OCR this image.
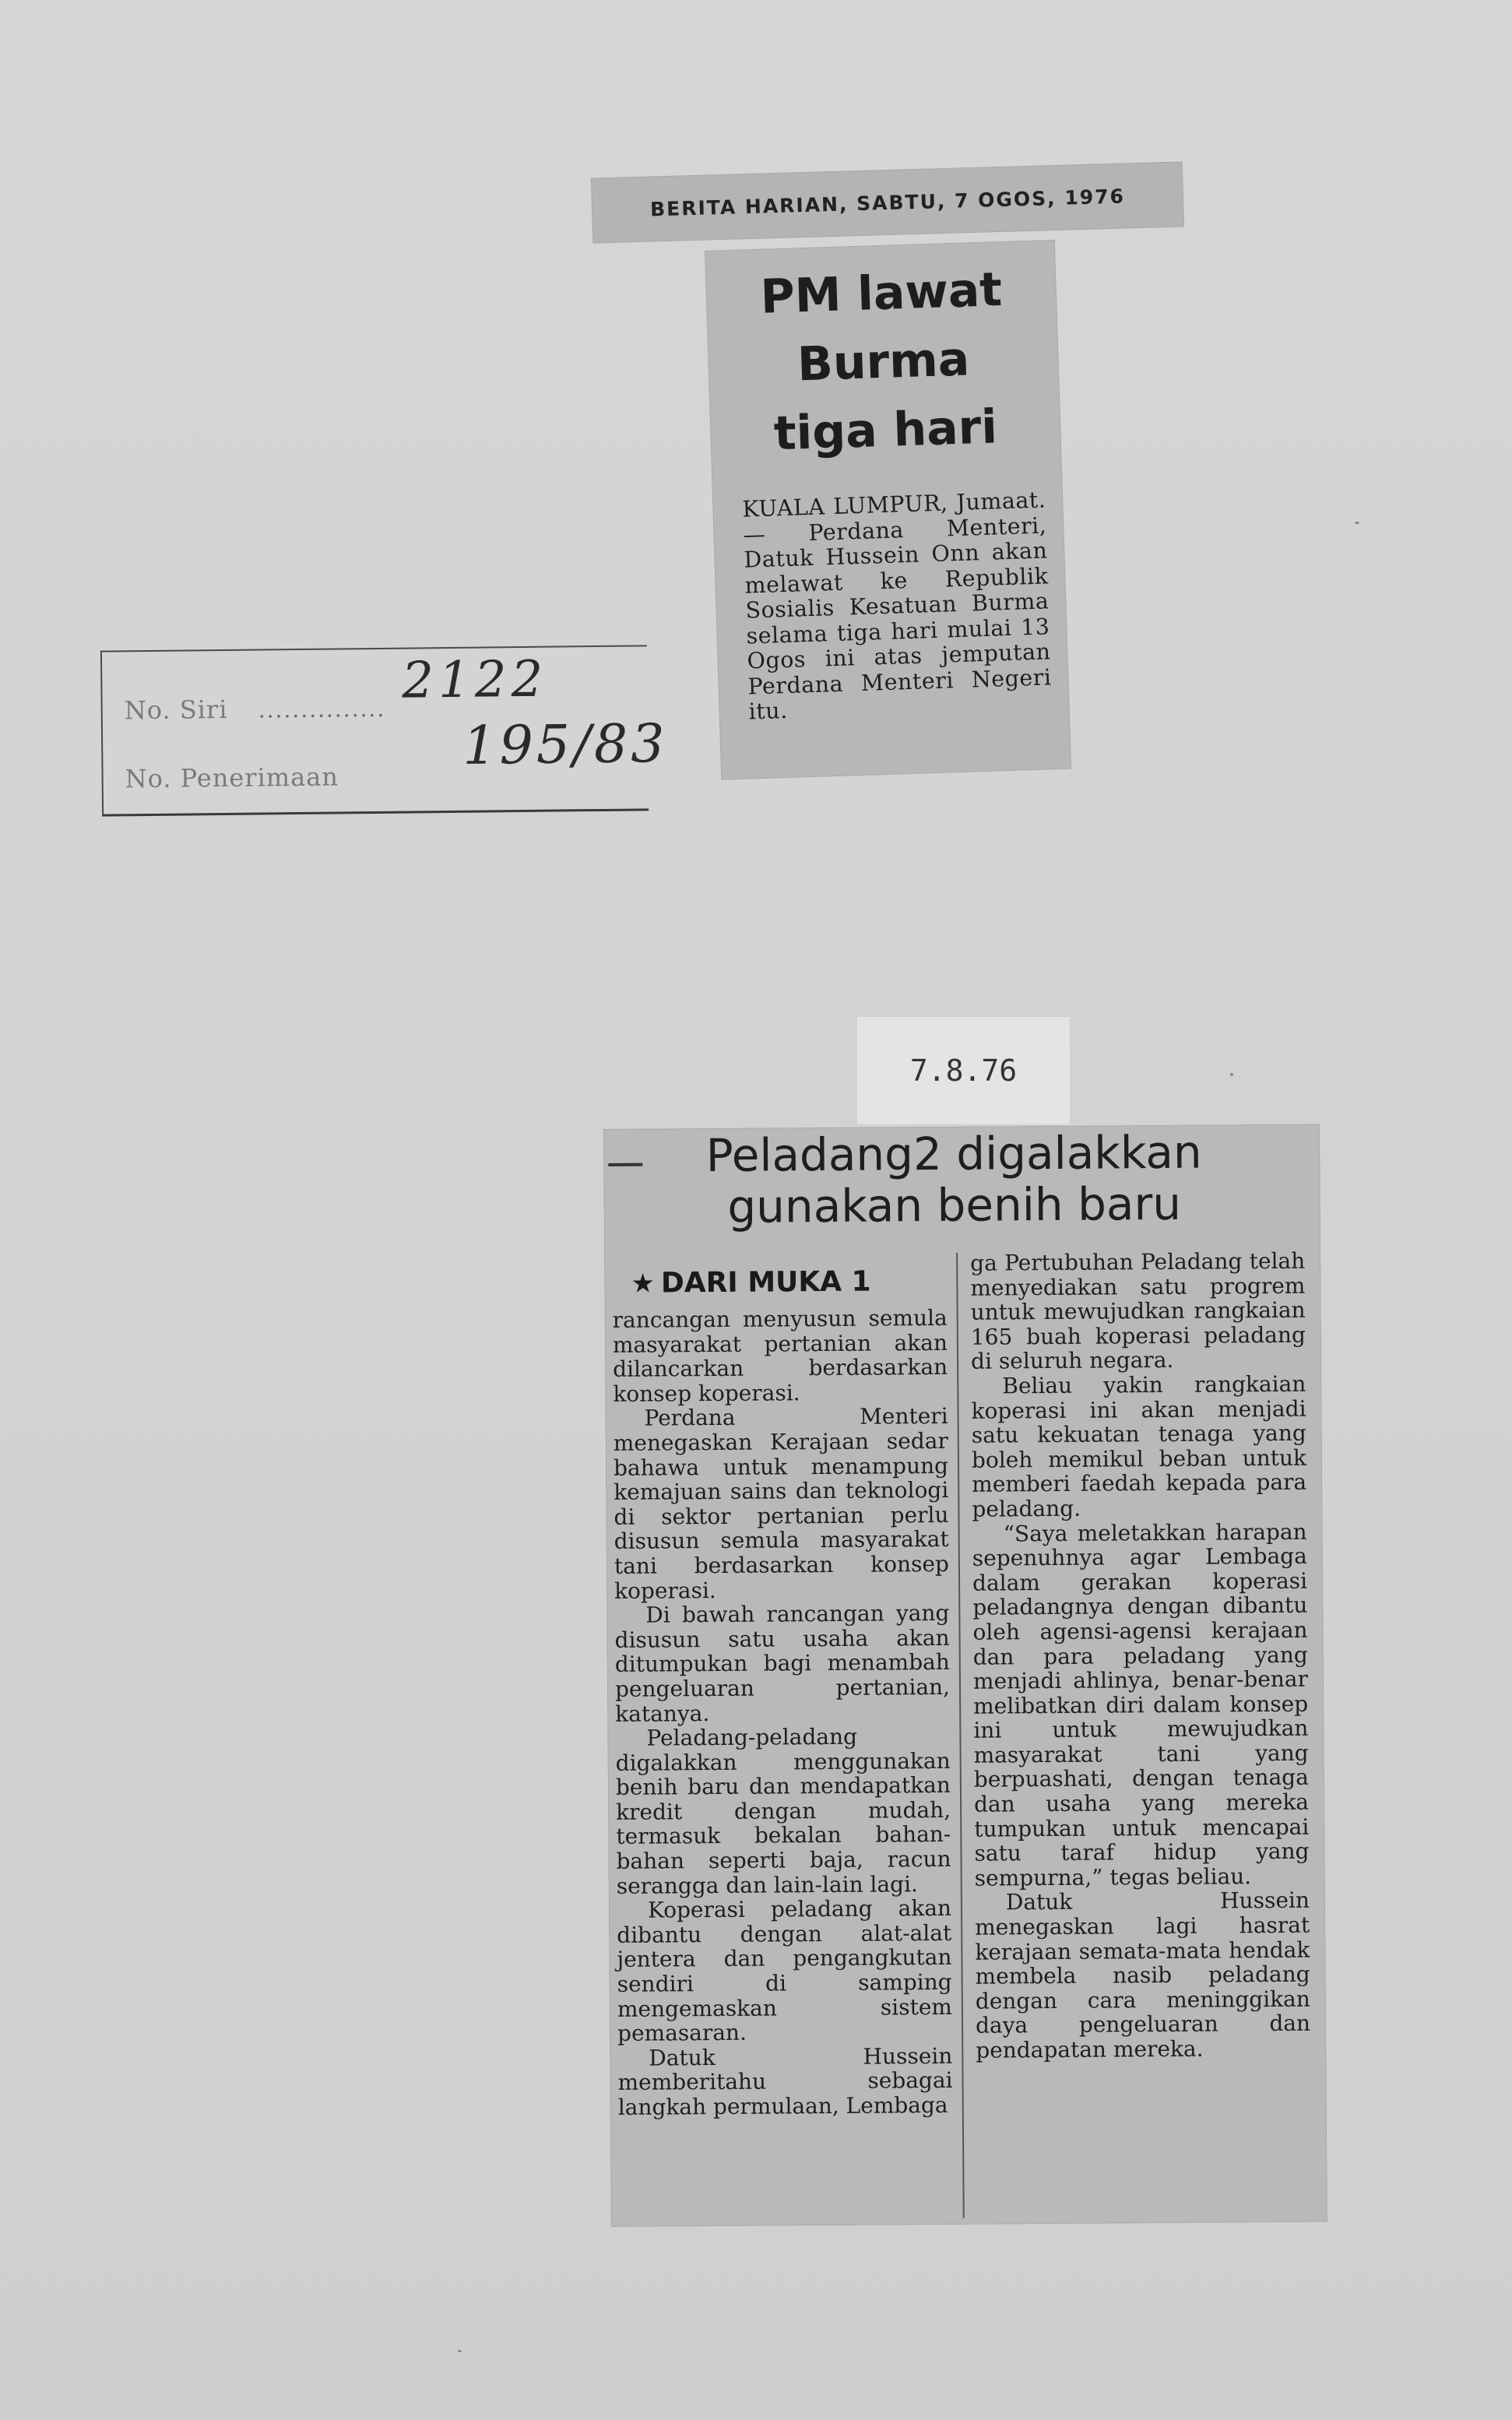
BERITA HARIAN, SABTU, 7 OGOS, 1976
PM lawat
Burma
tiga hari
KUALA LUMPUR, Jumaat. — Perdana Menteri, Datuk Hussein Onn akan melawat ke Republik Sosialis Kesatuan Burma selama tiga hari mulai 13 Ogos ini atas jemputan Perdana Menteri Negeri itu.
No. Siri ............... 2122
No. Penerimaan
195/83
7.8.76
Peladang2 digalakkan
gunakan benih baru
★ DARI MUKA 1

rancangan menyusun semula masyarakat pertanian akan dilancarkan berdasarkan konsep koperasi.

Perdana Menteri menegaskan Kerajaan sedar bahawa untuk menampung kemajuan sains dan teknologi di sektor pertanian perlu disusun semula masyarakat tani berdasarkan konsep koperasi.

Di bawah rancangan yang disusun satu usaha akan ditumpukan bagi menambah pengeluaran pertanian, katanya.

Peladang-peladang digalakkan menggunakan benih baru dan mendapatkan kredit dengan mudah, termasuk bekalan bahan-bahan seperti baja, racun serangga dan lain-lain lagi.

Koperasi peladang akan dibantu dengan alat-alat jentera dan pengangkutan sendiri di samping mengemaskan sistem pemasaran.

Datuk Hussein memberitahu sebagai langkah permulaan, Lembaga

ga Pertubuhan Peladang telah menyediakan satu progrem untuk mewujudkan rangkaian 165 buah koperasi peladang di seluruh negara.

Beliau yakin rangkaian koperasi ini akan menjadi satu kekuatan tenaga yang boleh memikul beban untuk memberi faedah kepada para peladang.

“Saya meletakkan harapan sepenuhnya agar Lembaga dalam gerakan koperasi peladangnya dengan dibantu oleh agensi-agensi kerajaan dan para peladang yang menjadi ahlinya, benar-benar melibatkan diri dalam konsep ini untuk mewujudkan masyarakat tani yang berpuashati, dengan tenaga dan usaha yang mereka tumpukan untuk mencapai satu taraf hidup yang sempurna,” tegas beliau.

Datuk Hussein menegaskan lagi hasrat kerajaan semata-mata hendak membela nasib peladang dengan cara meninggikan daya pengeluaran dan pendapatan mereka.
